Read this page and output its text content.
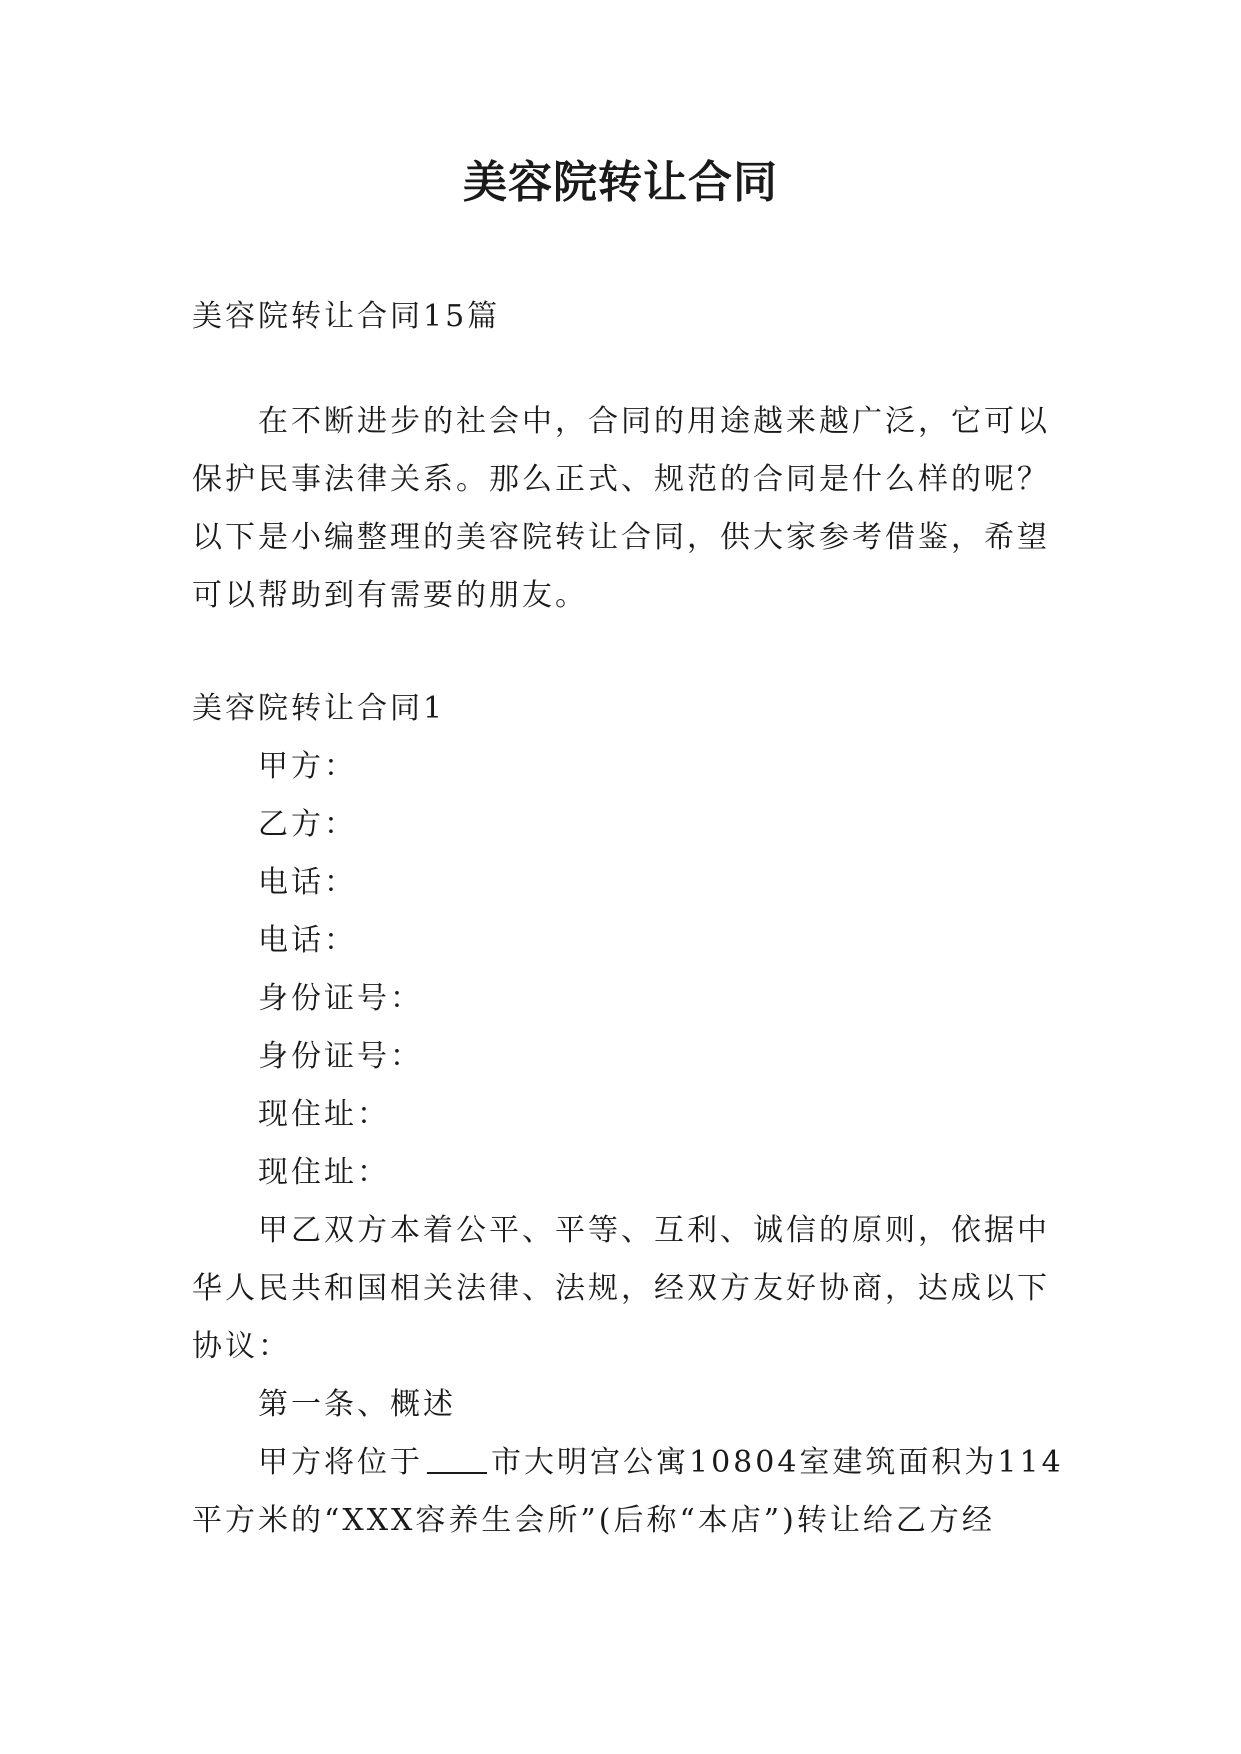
美容院转让合同

美容院转让合同15篇

在不断进步的社会中，合同的用途越来越广泛，它可以

保护民事法律关系。那么正式、规范的合同是什么样的呢？

以下是小编整理的美容院转让合同，供大家参考借鉴，希望

可以帮助到有需要的朋友。

美容院转让合同1

甲方：

乙方：

电话：

电话：

身份证号：

身份证号：

现住址：

现住址：

甲乙双方本着公平、平等、互利、诚信的原则，依据中

华人民共和国相关法律、法规，经双方友好协商，达成以下

协议：

第一条、概述

甲方将位于 市大明宫公寓10804室建筑面积为114

平方米的“XXX容养生会所”(后称“本店”)转让给乙方经
